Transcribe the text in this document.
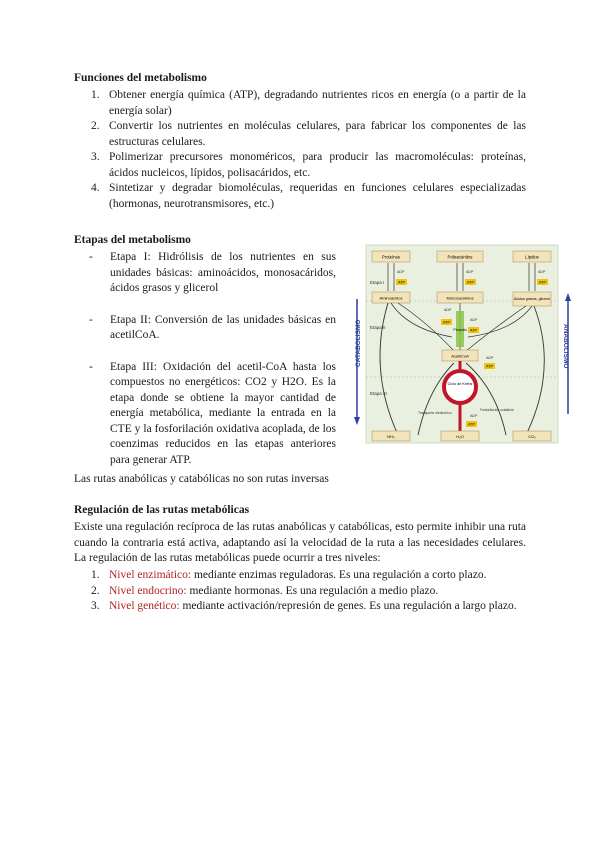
Funciones del metabolismo
1. Obtener energía química (ATP), degradando nutrientes ricos en energía (o a partir de la energía solar)
2. Convertir los nutrientes en moléculas celulares, para fabricar los componentes de las estructuras celulares.
3. Polimerizar precursores monoméricos, para producir las macromoléculas: proteínas, ácidos nucleicos, lípidos, polisacáridos, etc.
4. Sintetizar y degradar biomoléculas, requeridas en funciones celulares especializadas (hormonas, neurotransmisores, etc.)
Etapas del metabolismo
- Etapa I: Hidrólisis de los nutrientes en sus unidades básicas: aminoácidos, monosacáridos, ácidos grasos y glicerol
- Etapa II: Conversión de las unidades básicas en acetilCoA.
- Etapa III: Oxidación del acetil-CoA hasta los compuestos no energéticos: CO2 y H2O. Es la etapa donde se obtiene la mayor cantidad de energía metabólica, mediante la entrada en la CTE y la fosforilación oxidativa acoplada, de los coenzimas reducidos en las etapas anteriores para generar ATP.
Las rutas anabólicas y catabólicas no son rutas inversas
Etapa I
Etapa II
Etapa III
CATABOLISMO	ANABOLISMO
Proteínas	Polisacáridos	Lípidos
ADP	ADP	ADP
ATP	ATP	ATP
Aminoácidos	Monosacáridos	Ácidos grasos, glicerol
Piruvato
ADP
ADP
ATP
ATP
AcetilCoA	ADP
ATP
Ciclo de Krebs
Transporte electrónico
Fosforilación oxidativa
ADP
ATP
NH₃	H₂O	CO₂
Regulación de las rutas metabólicas
Existe una regulación recíproca de las rutas anabólicas y catabólicas, esto permite inhibir una ruta cuando la contraria está activa, adaptando así la velocidad de la ruta a las necesidades celulares. La regulación de las rutas metabólicas puede ocurrir a tres niveles:
1. Nivel enzimático: mediante enzimas reguladoras. Es una regulación a corto plazo.
2. Nivel endocrino: mediante hormonas. Es una regulación a medio plazo.
3. Nivel genético: mediante activación/represión de genes. Es una regulación a largo plazo.
